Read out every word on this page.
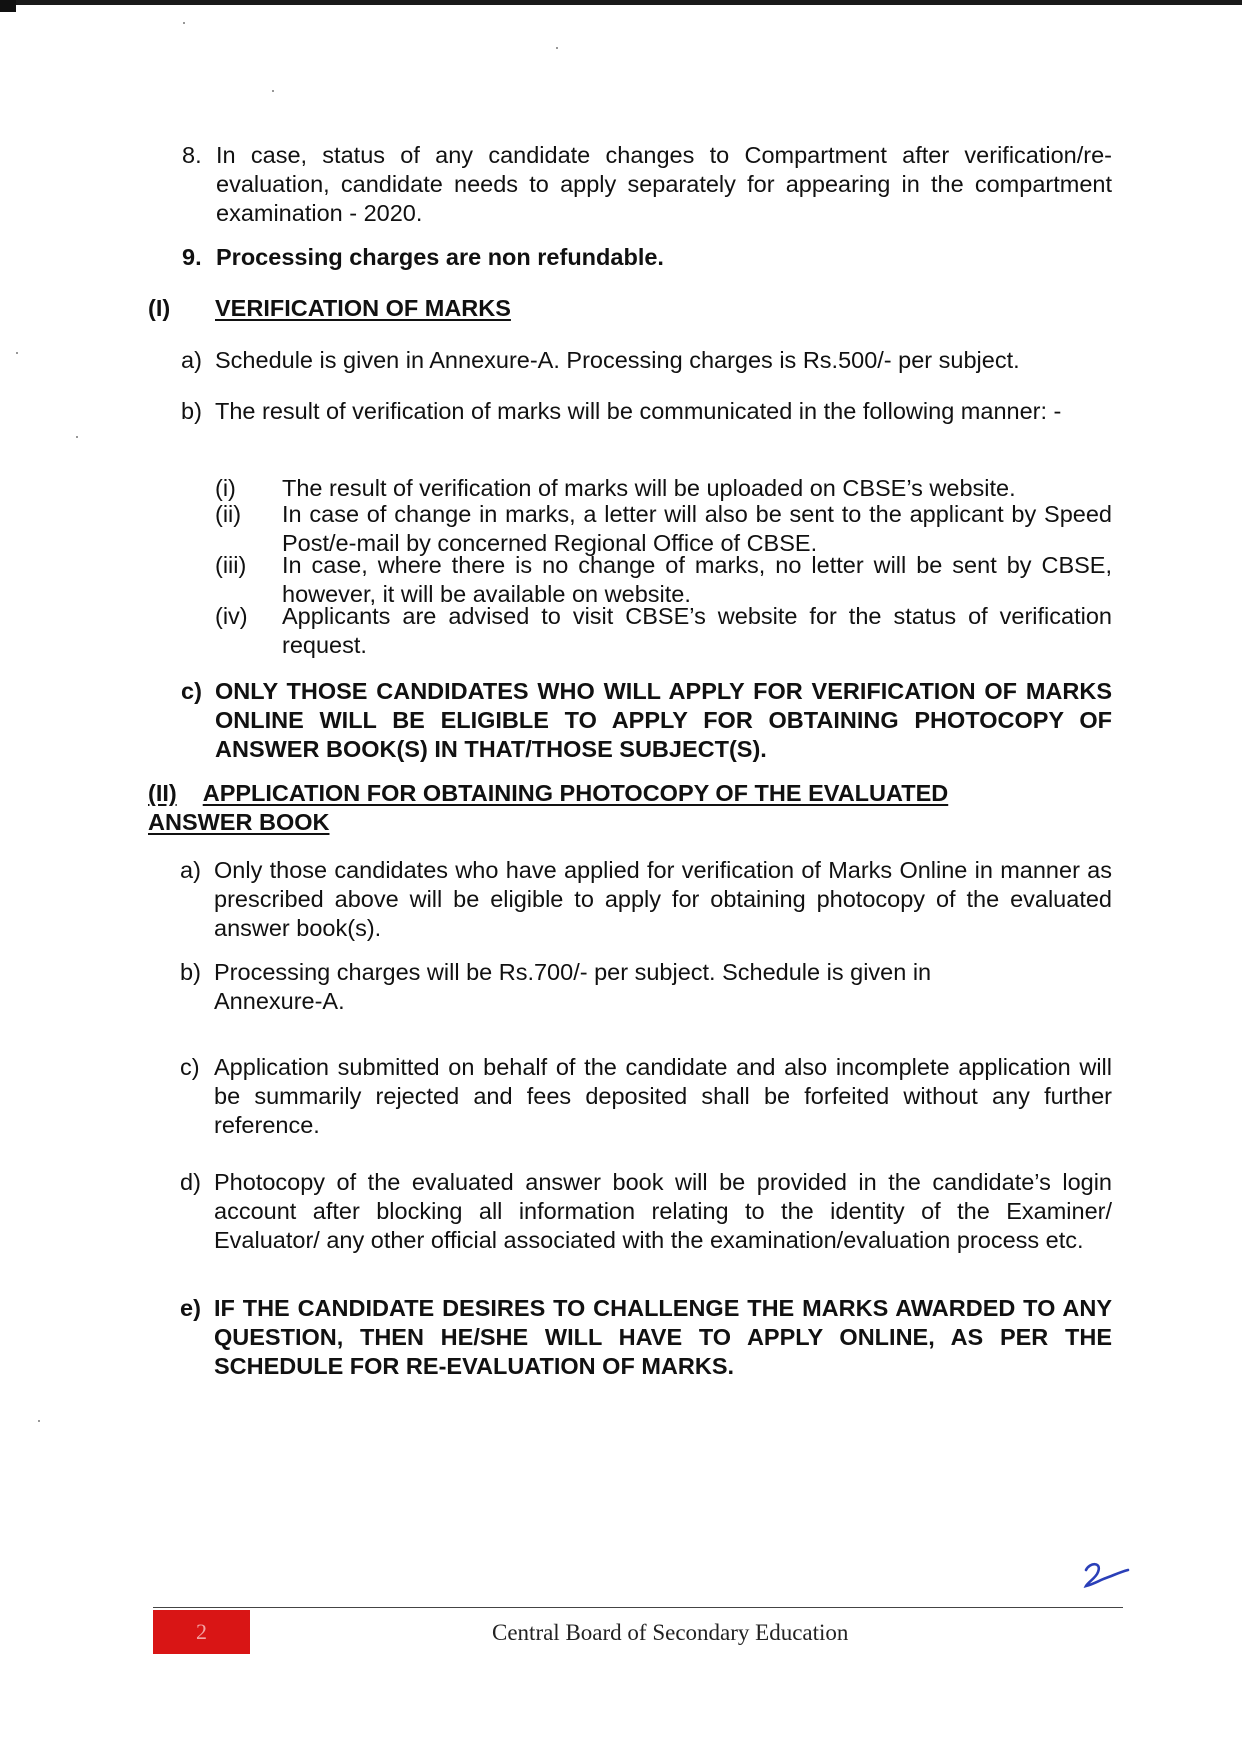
8. In case, status of any candidate changes to Compartment after verification/re-evaluation, candidate needs to apply separately for appearing in the compartment examination - 2020.
9. Processing charges are non refundable.
(I) VERIFICATION OF MARKS
a) Schedule is given in Annexure-A. Processing charges is Rs.500/- per subject.
b) The result of verification of marks will be communicated in the following manner: -
(i)	The result of verification of marks will be uploaded on CBSE’s website.
(ii)	In case of change in marks, a letter will also be sent to the applicant by Speed Post/e-mail by concerned Regional Office of CBSE.
(iii)	In case, where there is no change of marks, no letter will be sent by CBSE, however, it will be available on website.
(iv)	Applicants are advised to visit CBSE’s website for the status of verification request.
c) ONLY THOSE CANDIDATES WHO WILL APPLY FOR VERIFICATION OF MARKS ONLINE WILL BE ELIGIBLE TO APPLY FOR OBTAINING PHOTOCOPY OF ANSWER BOOK(S) IN THAT/THOSE SUBJECT(S).
(II) APPLICATION FOR OBTAINING PHOTOCOPY OF THE EVALUATED
ANSWER BOOK
a) Only those candidates who have applied for verification of Marks Online in manner as prescribed above will be eligible to apply for obtaining photocopy of the evaluated answer book(s).
b) Processing charges will be Rs.700/- per subject. Schedule is given in
Annexure-A.
c) Application submitted on behalf of the candidate and also incomplete application will be summarily rejected and fees deposited shall be forfeited without any further reference.
d) Photocopy of the evaluated answer book will be provided in the candidate’s login account after blocking all information relating to the identity of the Examiner/ Evaluator/ any other official associated with the examination/evaluation process etc.
e) IF THE CANDIDATE DESIRES TO CHALLENGE THE MARKS AWARDED TO ANY QUESTION, THEN HE/SHE WILL HAVE TO APPLY ONLINE, AS PER THE SCHEDULE FOR RE-EVALUATION OF MARKS.
2	Central Board of Secondary Education
